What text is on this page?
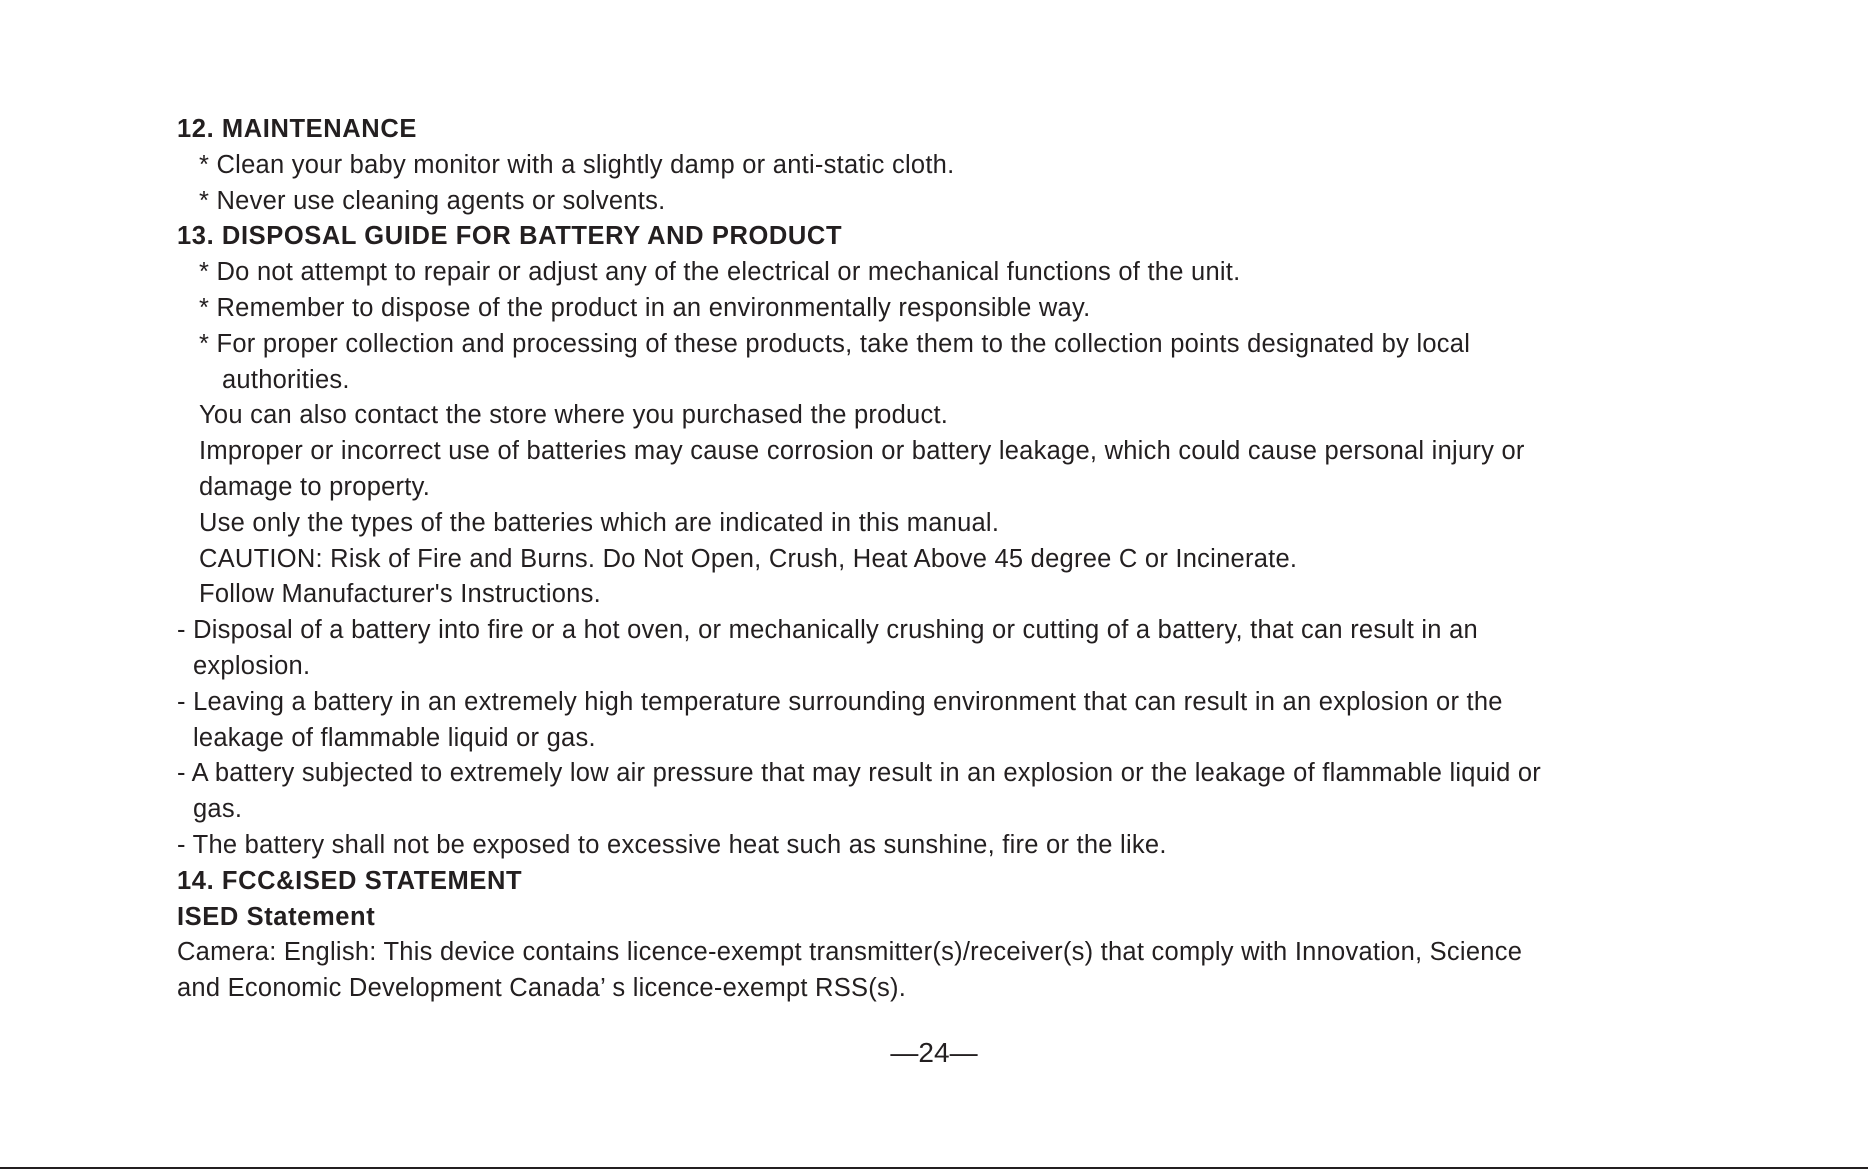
12. MAINTENANCE
* Clean your baby monitor with a slightly damp or anti-static cloth.
* Never use cleaning agents or solvents.
13. DISPOSAL GUIDE FOR BATTERY AND PRODUCT
* Do not attempt to repair or adjust any of the electrical or mechanical functions of the unit.
* Remember to dispose of the product in an environmentally responsible way.
* For proper collection and processing of these products, take them to the collection points designated by local
authorities.
You can also contact the store where you purchased the product.
Improper or incorrect use of batteries may cause corrosion or battery leakage, which could cause personal injury or
damage to property.
Use only the types of the batteries which are indicated in this manual.
CAUTION: Risk of Fire and Burns. Do Not Open, Crush, Heat Above 45 degree C or Incinerate.
Follow Manufacturer's Instructions.
- Disposal of a battery into fire or a hot oven, or mechanically crushing or cutting of a battery, that can result in an
explosion.
- Leaving a battery in an extremely high temperature surrounding environment that can result in an explosion or the
leakage of flammable liquid or gas.
- A battery subjected to extremely low air pressure that may result in an explosion or the leakage of flammable liquid or
gas.
- The battery shall not be exposed to excessive heat such as sunshine, fire or the like.
14. FCC&ISED STATEMENT
ISED Statement
Camera: English: This device contains licence-exempt transmitter(s)/receiver(s) that comply with Innovation, Science
and Economic Development Canada’ s licence-exempt RSS(s).
—24—
